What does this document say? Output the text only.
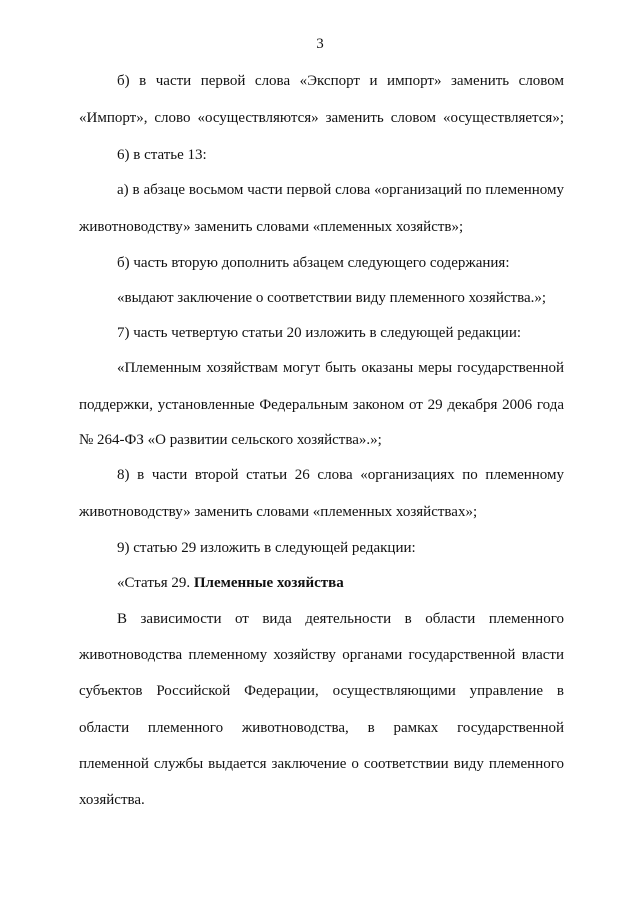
3
б) в части первой слова «Экспорт и импорт» заменить словом
«Импорт», слово «осуществляются» заменить словом «осуществляется»;
6) в статье 13:
а) в абзаце восьмом части первой слова «организаций по племенному
животноводству» заменить словами «племенных хозяйств»;
б) часть вторую дополнить абзацем следующего содержания:
«выдают заключение о соответствии виду племенного хозяйства.»;
7) часть четвертую статьи 20 изложить в следующей редакции:
«Племенным хозяйствам могут быть оказаны меры государственной
поддержки, установленные Федеральным законом от 29 декабря 2006 года
№ 264-ФЗ «О развитии сельского хозяйства».»;
8) в части второй статьи 26 слова «организациях по племенному
животноводству» заменить словами «племенных хозяйствах»;
9) статью 29 изложить в следующей редакции:
«Статья 29. Племенные хозяйства
В зависимости от вида деятельности в области племенного
животноводства племенному хозяйству органами государственной власти
субъектов Российской Федерации, осуществляющими управление в
области племенного животноводства, в рамках государственной
племенной службы выдается заключение о соответствии виду племенного
хозяйства.
